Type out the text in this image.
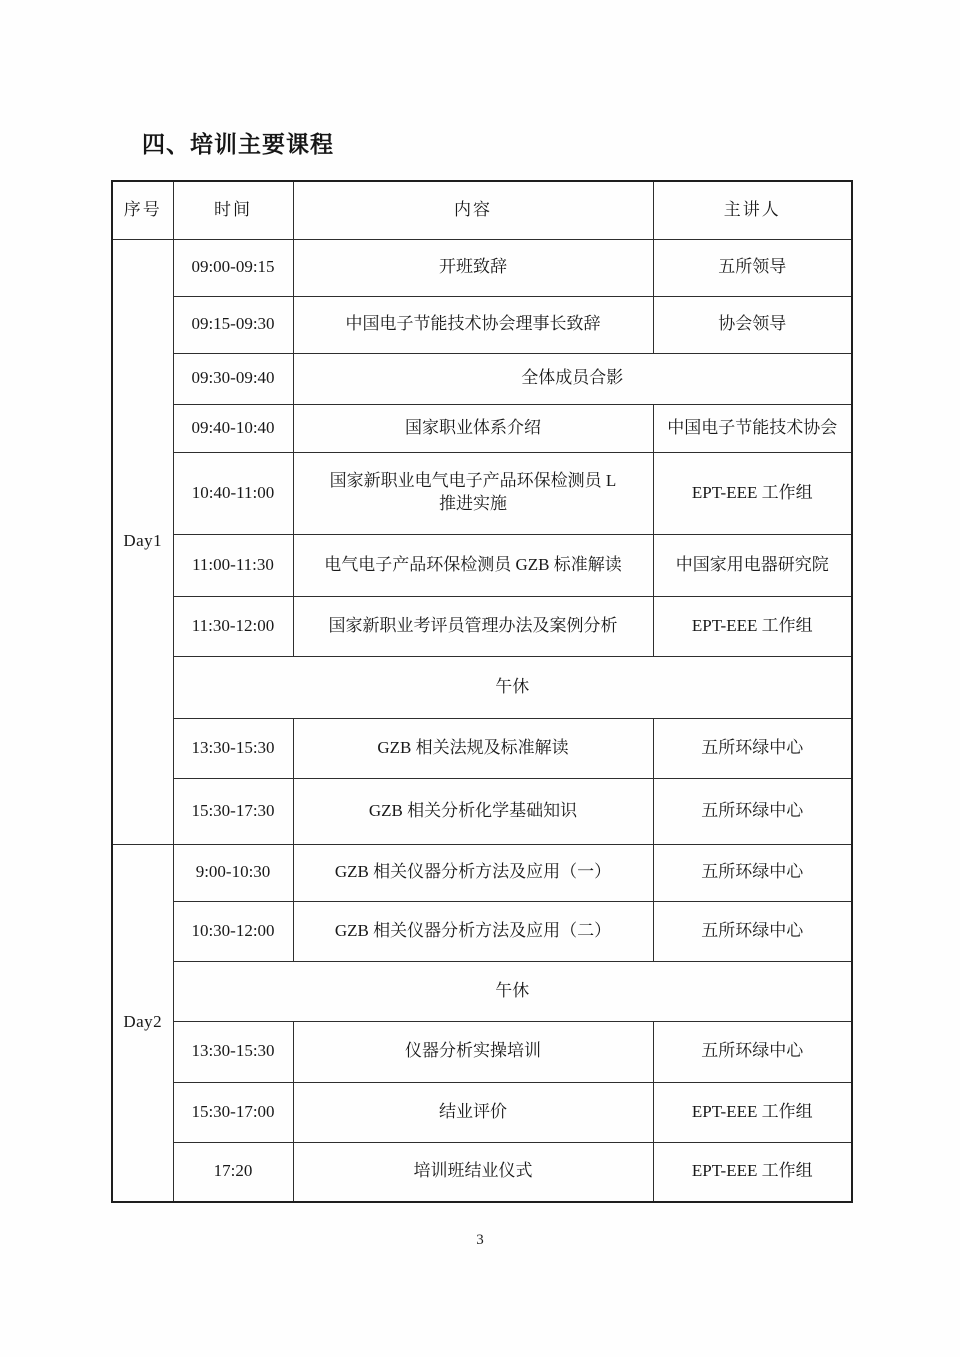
四、培训主要课程
序号	时间	内容	主讲人
Day1	09:00-09:15	开班致辞	五所领导
	09:15-09:30	中国电子节能技术协会理事长致辞	协会领导
	09:30-09:40	全体成员合影	
	09:40-10:40	国家职业体系介绍	中国电子节能技术协会
	10:40-11:00	国家新职业电气电子产品环保检测员 L
推进实施	EPT-EEE 工作组
	11:00-11:30	电气电子产品环保检测员 GZB 标准解读	中国家用电器研究院
	11:30-12:00	国家新职业考评员管理办法及案例分析	EPT-EEE 工作组
	午休		
	13:30-15:30	GZB 相关法规及标准解读	五所环绿中心
	15:30-17:30	GZB 相关分析化学基础知识	五所环绿中心
Day2	9:00-10:30	GZB 相关仪器分析方法及应用（一）	五所环绿中心
	10:30-12:00	GZB 相关仪器分析方法及应用（二）	五所环绿中心
	午休		
	13:30-15:30	仪器分析实操培训	五所环绿中心
	15:30-17:00	结业评价	EPT-EEE 工作组
	17:20	培训班结业仪式	EPT-EEE 工作组
3
